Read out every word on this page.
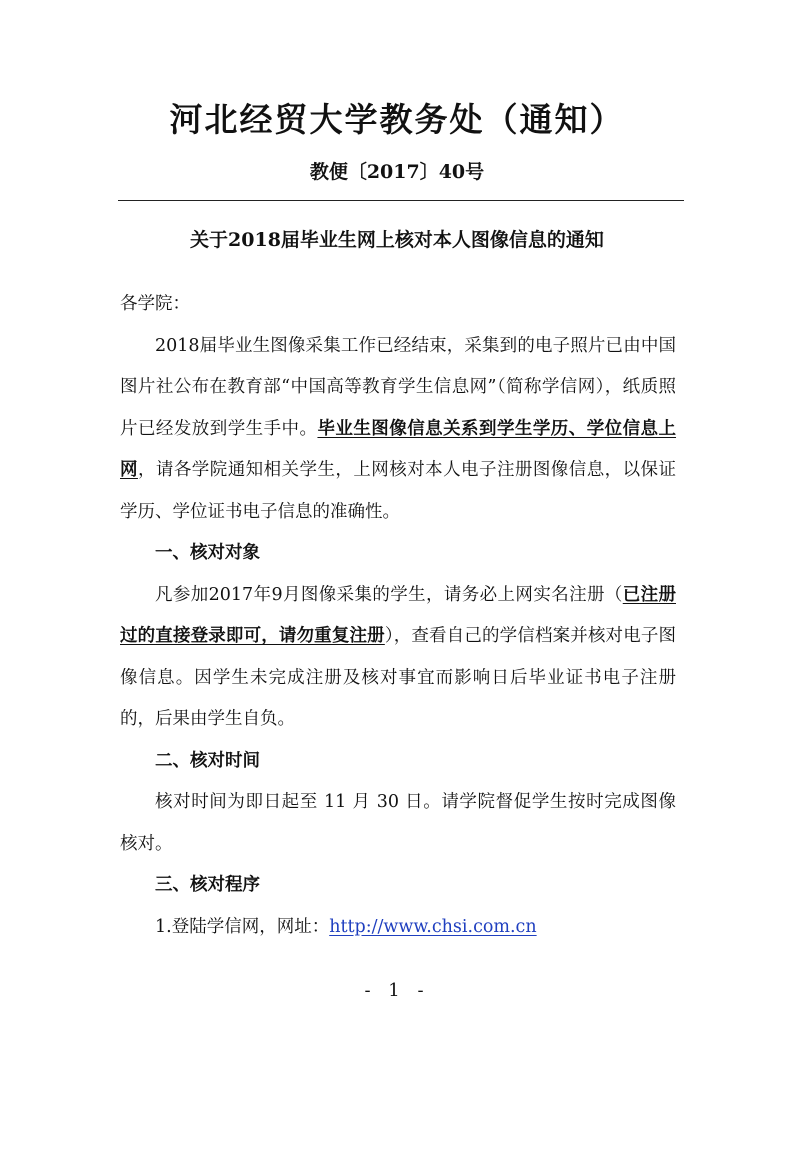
河北经贸大学教务处（通知）
教便〔2017〕40号
关于2018届毕业生网上核对本人图像信息的通知

各学院：

2018届毕业生图像采集工作已经结束，采集到的电子照片已由中国图片社公布在教育部“中国高等教育学生信息网”（简称学信网），纸质照片已经发放到学生手中。毕业生图像信息关系到学生学历、学位信息上网，请各学院通知相关学生，上网核对本人电子注册图像信息，以保证学历、学位证书电子信息的准确性。

一、核对对象

凡参加2017年9月图像采集的学生，请务必上网实名注册（已注册过的直接登录即可，请勿重复注册），查看自己的学信档案并核对电子图像信息。因学生未完成注册及核对事宜而影响日后毕业证书电子注册的，后果由学生自负。

二、核对时间

核对时间为即日起至 11 月 30 日。请学院督促学生按时完成图像核对。

三、核对程序

1.登陆学信网，网址：http://www.chsi.com.cn

- 1 -
